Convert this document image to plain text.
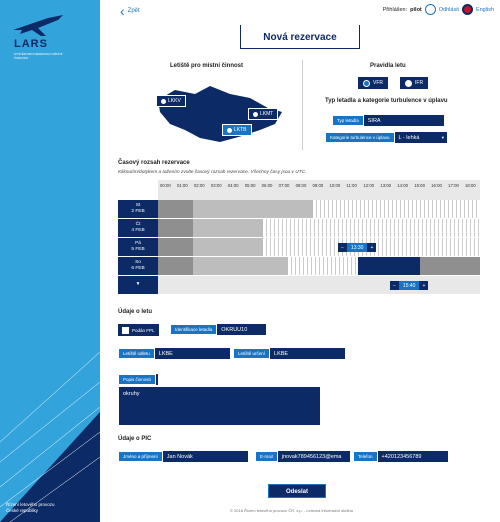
LARS
SYSTÉM PRO REZERVACI MÍSTNÍ ČINNOSTI
Řízení letového provozu
České republiky
‹ Zpět	Přihlášen: pilot	Odhlásit	English
Nová rezervace
Letiště pro místní činnost
LKKV
LKMT
LKTB
Pravidla letu
VFR	IFR
Typ letadla a kategorie turbulence v úplavu
Typ letadla	SIRA
Kategorie turbulence v úplavu	L - lehká	▾
Časový rozsah rezervace
Kliknutím/dotykem a tažením zvolte časový rozsah rezervace. Všechny časy jsou v UTC.
00:00 01:00 02:00 03:00 04:00 05:00 06:00 07:00 08:00 09:00 10:00 11:00 12:00 13:00 14:00 15:00 16:00 17:00 18:00
St
2 FEB
Čt
4 FEB
Pá
5 FEB	−	13:30	+
So
6 FEB
▼	−	15:40	+
Údaje o letu
Podán FPL	Identifikace letadla	OKRUU10
Letiště odletu	LKBE	Letiště určení	LKBE
Popis činnosti
okruhy
Údaje o PIC
Jméno a příjmení	Jan Novák	E-mail	jnovak789456123@ema	Telefon	+420123456789
Odeslat
© 2016 Řízení letového provozu ČR, s.p. - Letecká informační služba
